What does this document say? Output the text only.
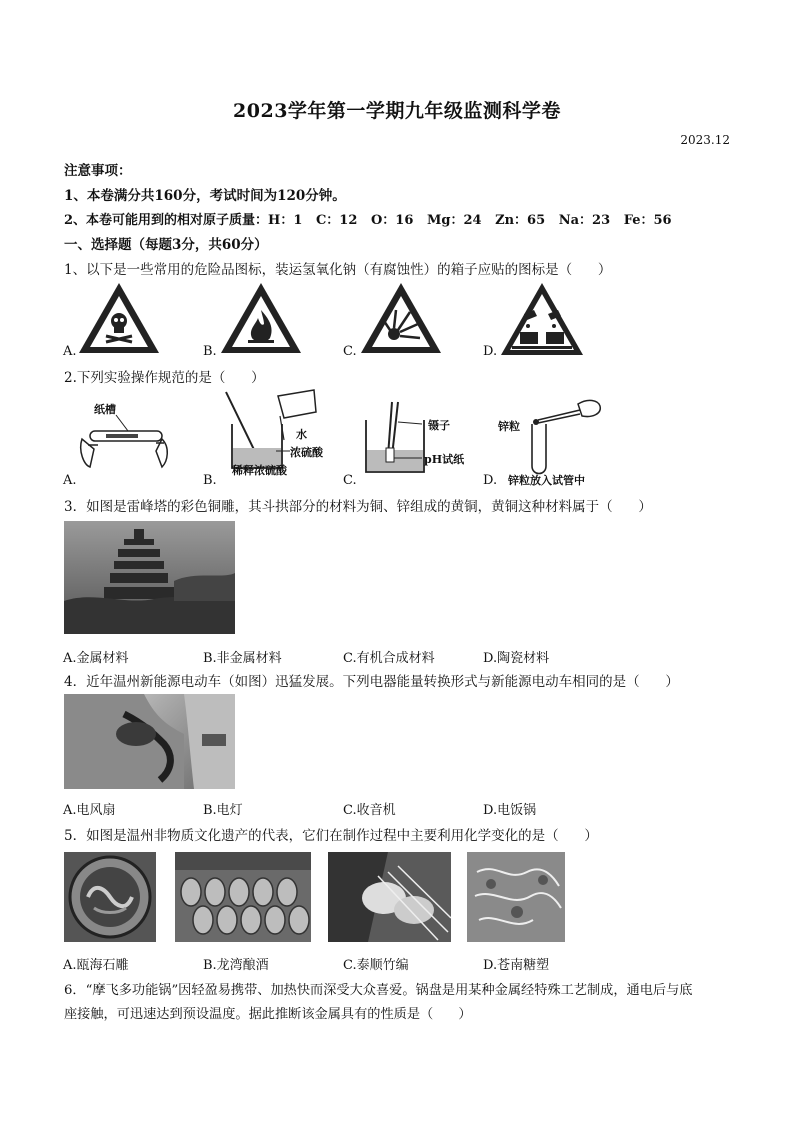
2023学年第一学期九年级监测科学卷
2023.12
注意事项：
1、本卷满分共160分，考试时间为120分钟。
2、本卷可能用到的相对原子质量：H：1   C：12   O：16   Mg：24   Zn：65   Na：23   Fe：56
一、选择题（每题3分，共60分）
1、以下是一些常用的危险品图标，装运氢氧化钠（有腐蚀性）的箱子应贴的图标是（      ）
A.	B.	C.	D.
2.下列实验操作规范的是（      ）
纸槽
水
浓硫酸
稀释浓硫酸
镊子
pH试纸
锌粒
锌粒放入试管中
A.	B.	C.	D.
3．如图是雷峰塔的彩色铜雕，其斗拱部分的材料为铜、锌组成的黄铜，黄铜这种材料属于（      ）
A.金属材料	B.非金属材料	C.有机合成材料	D.陶瓷材料
4．近年温州新能源电动车（如图）迅猛发展。下列电器能量转换形式与新能源电动车相同的是（      ）
A.电风扇	B.电灯	C.收音机	D.电饭锅
5．如图是温州非物质文化遗产的代表，它们在制作过程中主要利用化学变化的是（      ）
A.瓯海石雕	B.龙湾酿酒	C.泰顺竹编	D.苍南糖塑
6．“摩飞多功能锅”因轻盈易携带、加热快而深受大众喜爱。锅盘是用某种金属经特殊工艺制成，通电后与底
座接触，可迅速达到预设温度。据此推断该金属具有的性质是（      ）
